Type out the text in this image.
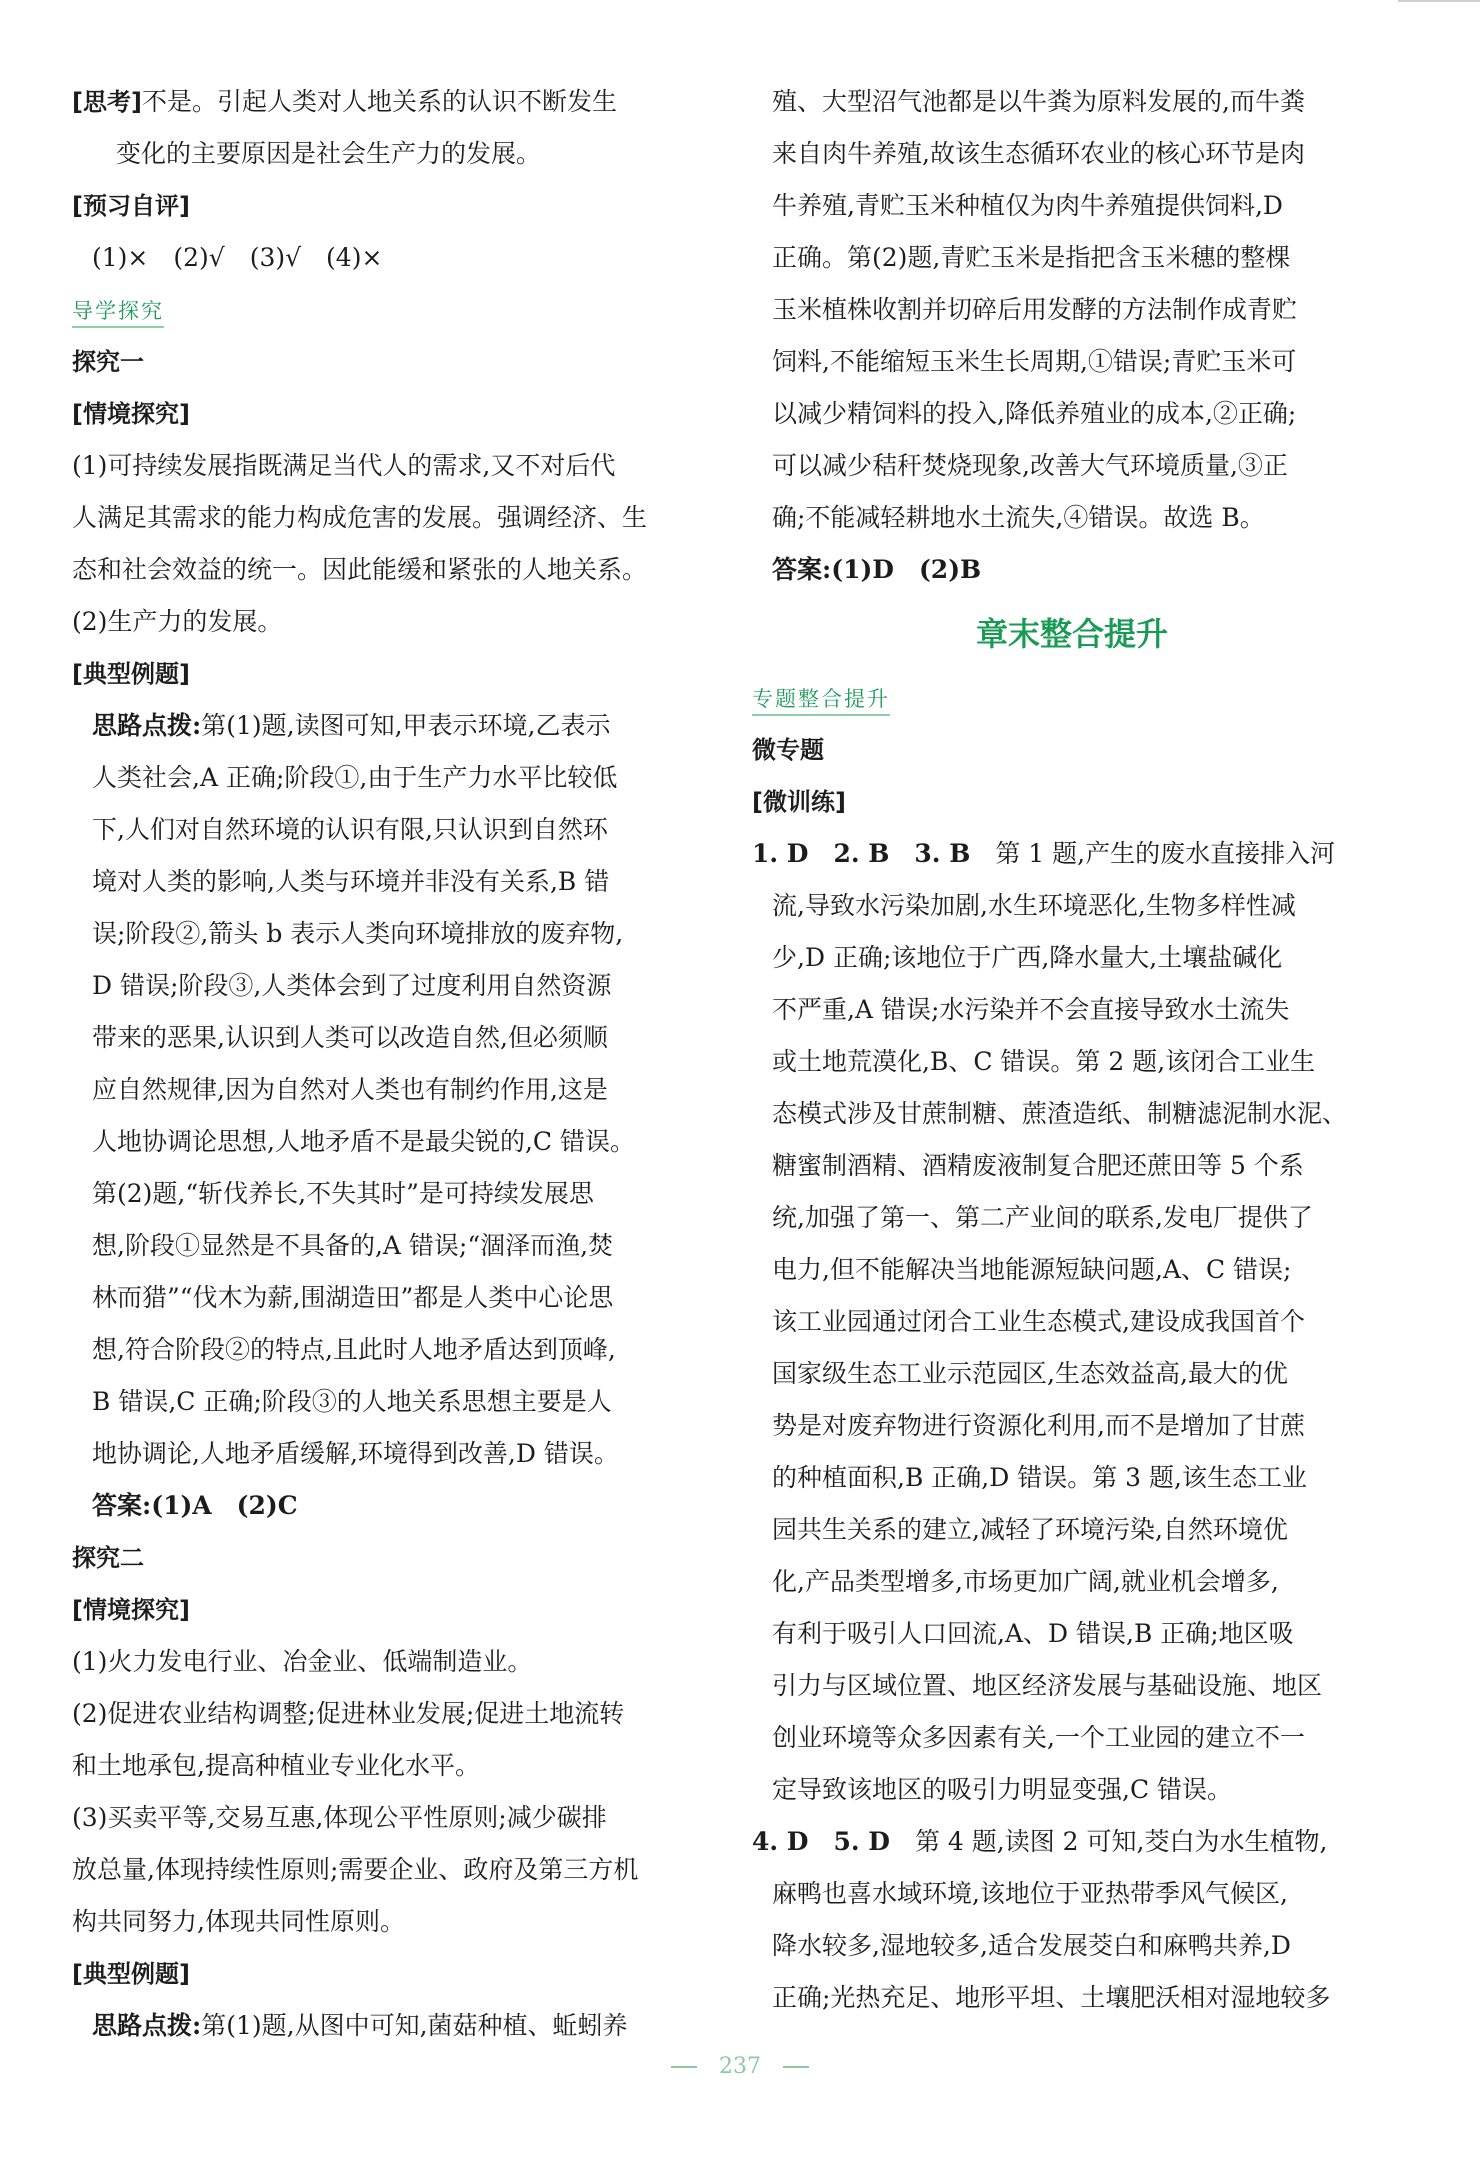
[思考]不是。引起人类对人地关系的认识不断发生
变化的主要原因是社会生产力的发展。
[预习自评]
(1)×　(2)√　(3)√　(4)×
导学探究
探究一
[情境探究]
(1)可持续发展指既满足当代人的需求,又不对后代
人满足其需求的能力构成危害的发展。强调经济、生
态和社会效益的统一。因此能缓和紧张的人地关系。
(2)生产力的发展。
[典型例题]
思路点拨:第(1)题,读图可知,甲表示环境,乙表示
人类社会,A 正确;阶段①,由于生产力水平比较低
下,人们对自然环境的认识有限,只认识到自然环
境对人类的影响,人类与环境并非没有关系,B 错
误;阶段②,箭头 b 表示人类向环境排放的废弃物,
D 错误;阶段③,人类体会到了过度利用自然资源
带来的恶果,认识到人类可以改造自然,但必须顺
应自然规律,因为自然对人类也有制约作用,这是
人地协调论思想,人地矛盾不是最尖锐的,C 错误。
第(2)题,“斩伐养长,不失其时”是可持续发展思
想,阶段①显然是不具备的,A 错误;“涸泽而渔,焚
林而猎”“伐木为薪,围湖造田”都是人类中心论思
想,符合阶段②的特点,且此时人地矛盾达到顶峰,
B 错误,C 正确;阶段③的人地关系思想主要是人
地协调论,人地矛盾缓解,环境得到改善,D 错误。
答案:(1)A　(2)C
探究二
[情境探究]
(1)火力发电行业、冶金业、低端制造业。
(2)促进农业结构调整;促进林业发展;促进土地流转
和土地承包,提高种植业专业化水平。
(3)买卖平等,交易互惠,体现公平性原则;减少碳排
放总量,体现持续性原则;需要企业、政府及第三方机
构共同努力,体现共同性原则。
[典型例题]
思路点拨:第(1)题,从图中可知,菌菇种植、蚯蚓养
殖、大型沼气池都是以牛粪为原料发展的,而牛粪
来自肉牛养殖,故该生态循环农业的核心环节是肉
牛养殖,青贮玉米种植仅为肉牛养殖提供饲料,D
正确。第(2)题,青贮玉米是指把含玉米穗的整棵
玉米植株收割并切碎后用发酵的方法制作成青贮
饲料,不能缩短玉米生长周期,①错误;青贮玉米可
以减少精饲料的投入,降低养殖业的成本,②正确;
可以减少秸秆焚烧现象,改善大气环境质量,③正
确;不能减轻耕地水土流失,④错误。故选 B。
答案:(1)D　(2)B
章末整合提升
专题整合提升
微专题
[微训练]
1. D　2. B　3. B　第 1 题,产生的废水直接排入河
流,导致水污染加剧,水生环境恶化,生物多样性减
少,D 正确;该地位于广西,降水量大,土壤盐碱化
不严重,A 错误;水污染并不会直接导致水土流失
或土地荒漠化,B、C 错误。第 2 题,该闭合工业生
态模式涉及甘蔗制糖、蔗渣造纸、制糖滤泥制水泥、
糖蜜制酒精、酒精废液制复合肥还蔗田等 5 个系
统,加强了第一、第二产业间的联系,发电厂提供了
电力,但不能解决当地能源短缺问题,A、C 错误;
该工业园通过闭合工业生态模式,建设成我国首个
国家级生态工业示范园区,生态效益高,最大的优
势是对废弃物进行资源化利用,而不是增加了甘蔗
的种植面积,B 正确,D 错误。第 3 题,该生态工业
园共生关系的建立,减轻了环境污染,自然环境优
化,产品类型增多,市场更加广阔,就业机会增多,
有利于吸引人口回流,A、D 错误,B 正确;地区吸
引力与区域位置、地区经济发展与基础设施、地区
创业环境等众多因素有关,一个工业园的建立不一
定导致该地区的吸引力明显变强,C 错误。
4. D　5. D　第 4 题,读图 2 可知,茭白为水生植物,
麻鸭也喜水域环境,该地位于亚热带季风气候区,
降水较多,湿地较多,适合发展茭白和麻鸭共养,D
正确;光热充足、地形平坦、土壤肥沃相对湿地较多
237
